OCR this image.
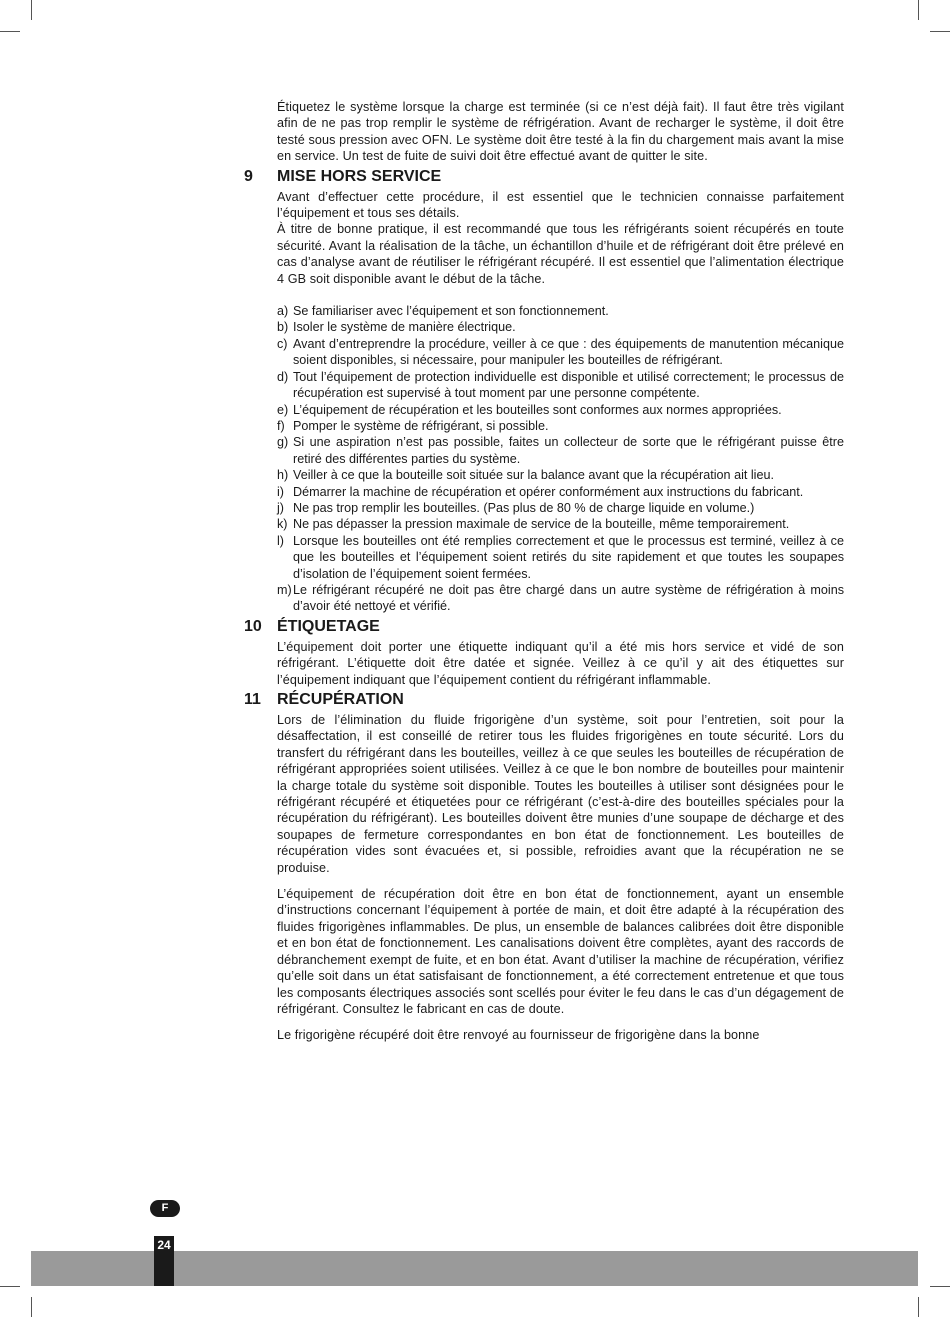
Étiquetez le système lorsque la charge est terminée (si ce n’est déjà fait). Il faut être très vigilant afin de ne pas trop remplir le système de réfrigération. Avant de recharger le système, il doit être testé sous pression avec OFN. Le système doit être testé à la fin du chargement mais avant la mise en service. Un test de fuite de suivi doit être effectué avant de quitter le site.

9	MISE HORS SERVICE

Avant d’effectuer cette procédure, il est essentiel que le technicien connaisse parfaitement l’équipement et tous ses détails.

À titre de bonne pratique, il est recommandé que tous les réfrigérants soient récupérés en toute sécurité. Avant la réalisation de la tâche, un échantillon d’huile et de réfrigérant doit être prélevé en cas d’analyse avant de réutiliser le réfrigérant récupéré. Il est essentiel que l’alimentation électrique 4 GB soit disponible avant le début de la tâche.

a) Se familiariser avec l’équipement et son fonctionnement.
b) Isoler le système de manière électrique.
c) Avant d’entreprendre la procédure, veiller à ce que : des équipements de manutention mécanique soient disponibles, si nécessaire, pour manipuler les bouteilles de réfrigérant.
d) Tout l’équipement de protection individuelle est disponible et utilisé correctement; le processus de récupération est supervisé à tout moment par une personne compétente.
e) L’équipement de récupération et les bouteilles sont conformes aux normes appropriées.
f) Pomper le système de réfrigérant, si possible.
g) Si une aspiration n’est pas possible, faites un collecteur de sorte que le réfrigérant puisse être retiré des différentes parties du système.
h) Veiller à ce que la bouteille soit située sur la balance avant que la récupération ait lieu.
i) Démarrer la machine de récupération et opérer conformément aux instructions du fabricant.
j) Ne pas trop remplir les bouteilles. (Pas plus de 80 % de charge liquide en volume.)
k) Ne pas dépasser la pression maximale de service de la bouteille, même temporairement.
l) Lorsque les bouteilles ont été remplies correctement et que le processus est terminé, veillez à ce que les bouteilles et l’équipement soient retirés du site rapidement et que toutes les soupapes d’isolation de l’équipement soient fermées.
m) Le réfrigérant récupéré ne doit pas être chargé dans un autre système de réfrigération à moins d’avoir été nettoyé et vérifié.
10 ÉTIQUETAGE

L’équipement doit porter une étiquette indiquant qu’il a été mis hors service et vidé de son réfrigérant. L’étiquette doit être datée et signée. Veillez à ce qu’il y ait des étiquettes sur l’équipement indiquant que l’équipement contient du réfrigérant inflammable.

11	RÉCUPÉRATION

Lors de l’élimination du fluide frigorigène d’un système, soit pour l’entretien, soit pour la désaffectation, il est conseillé de retirer tous les fluides frigorigènes en toute sécurité. Lors du transfert du réfrigérant dans les bouteilles, veillez à ce que seules les bouteilles de récupération de réfrigérant appropriées soient utilisées. Veillez à ce que le bon nombre de bouteilles pour maintenir la charge totale du système soit disponible. Toutes les bouteilles à utiliser sont désignées pour le réfrigérant récupéré et étiquetées pour ce réfrigérant (c’est-à-dire des bouteilles spéciales pour la récupération du réfrigérant). Les bouteilles doivent être munies d’une soupape de décharge et des soupapes de fermeture correspondantes en bon état de fonctionnement. Les bouteilles de récupération vides sont évacuées et, si possible, refroidies avant que la récupération ne se produise.

L’équipement de récupération doit être en bon état de fonctionnement, ayant un ensemble d’instructions concernant l’équipement à portée de main, et doit être adapté à la récupération des fluides frigorigènes inflammables. De plus, un ensemble de balances calibrées doit être disponible et en bon état de fonctionnement. Les canalisations doivent être complètes, ayant des raccords de débranchement exempt de fuite, et en bon état. Avant d’utiliser la machine de récupération, vérifiez qu’elle soit dans un état satisfaisant de fonctionnement, a été correctement entretenue et que tous les composants électriques associés sont scellés pour éviter le feu dans le cas d’un dégagement de réfrigérant. Consultez le fabricant en cas de doute.

Le frigorigène récupéré doit être renvoyé au fournisseur de frigorigène dans la bonne

F
24
